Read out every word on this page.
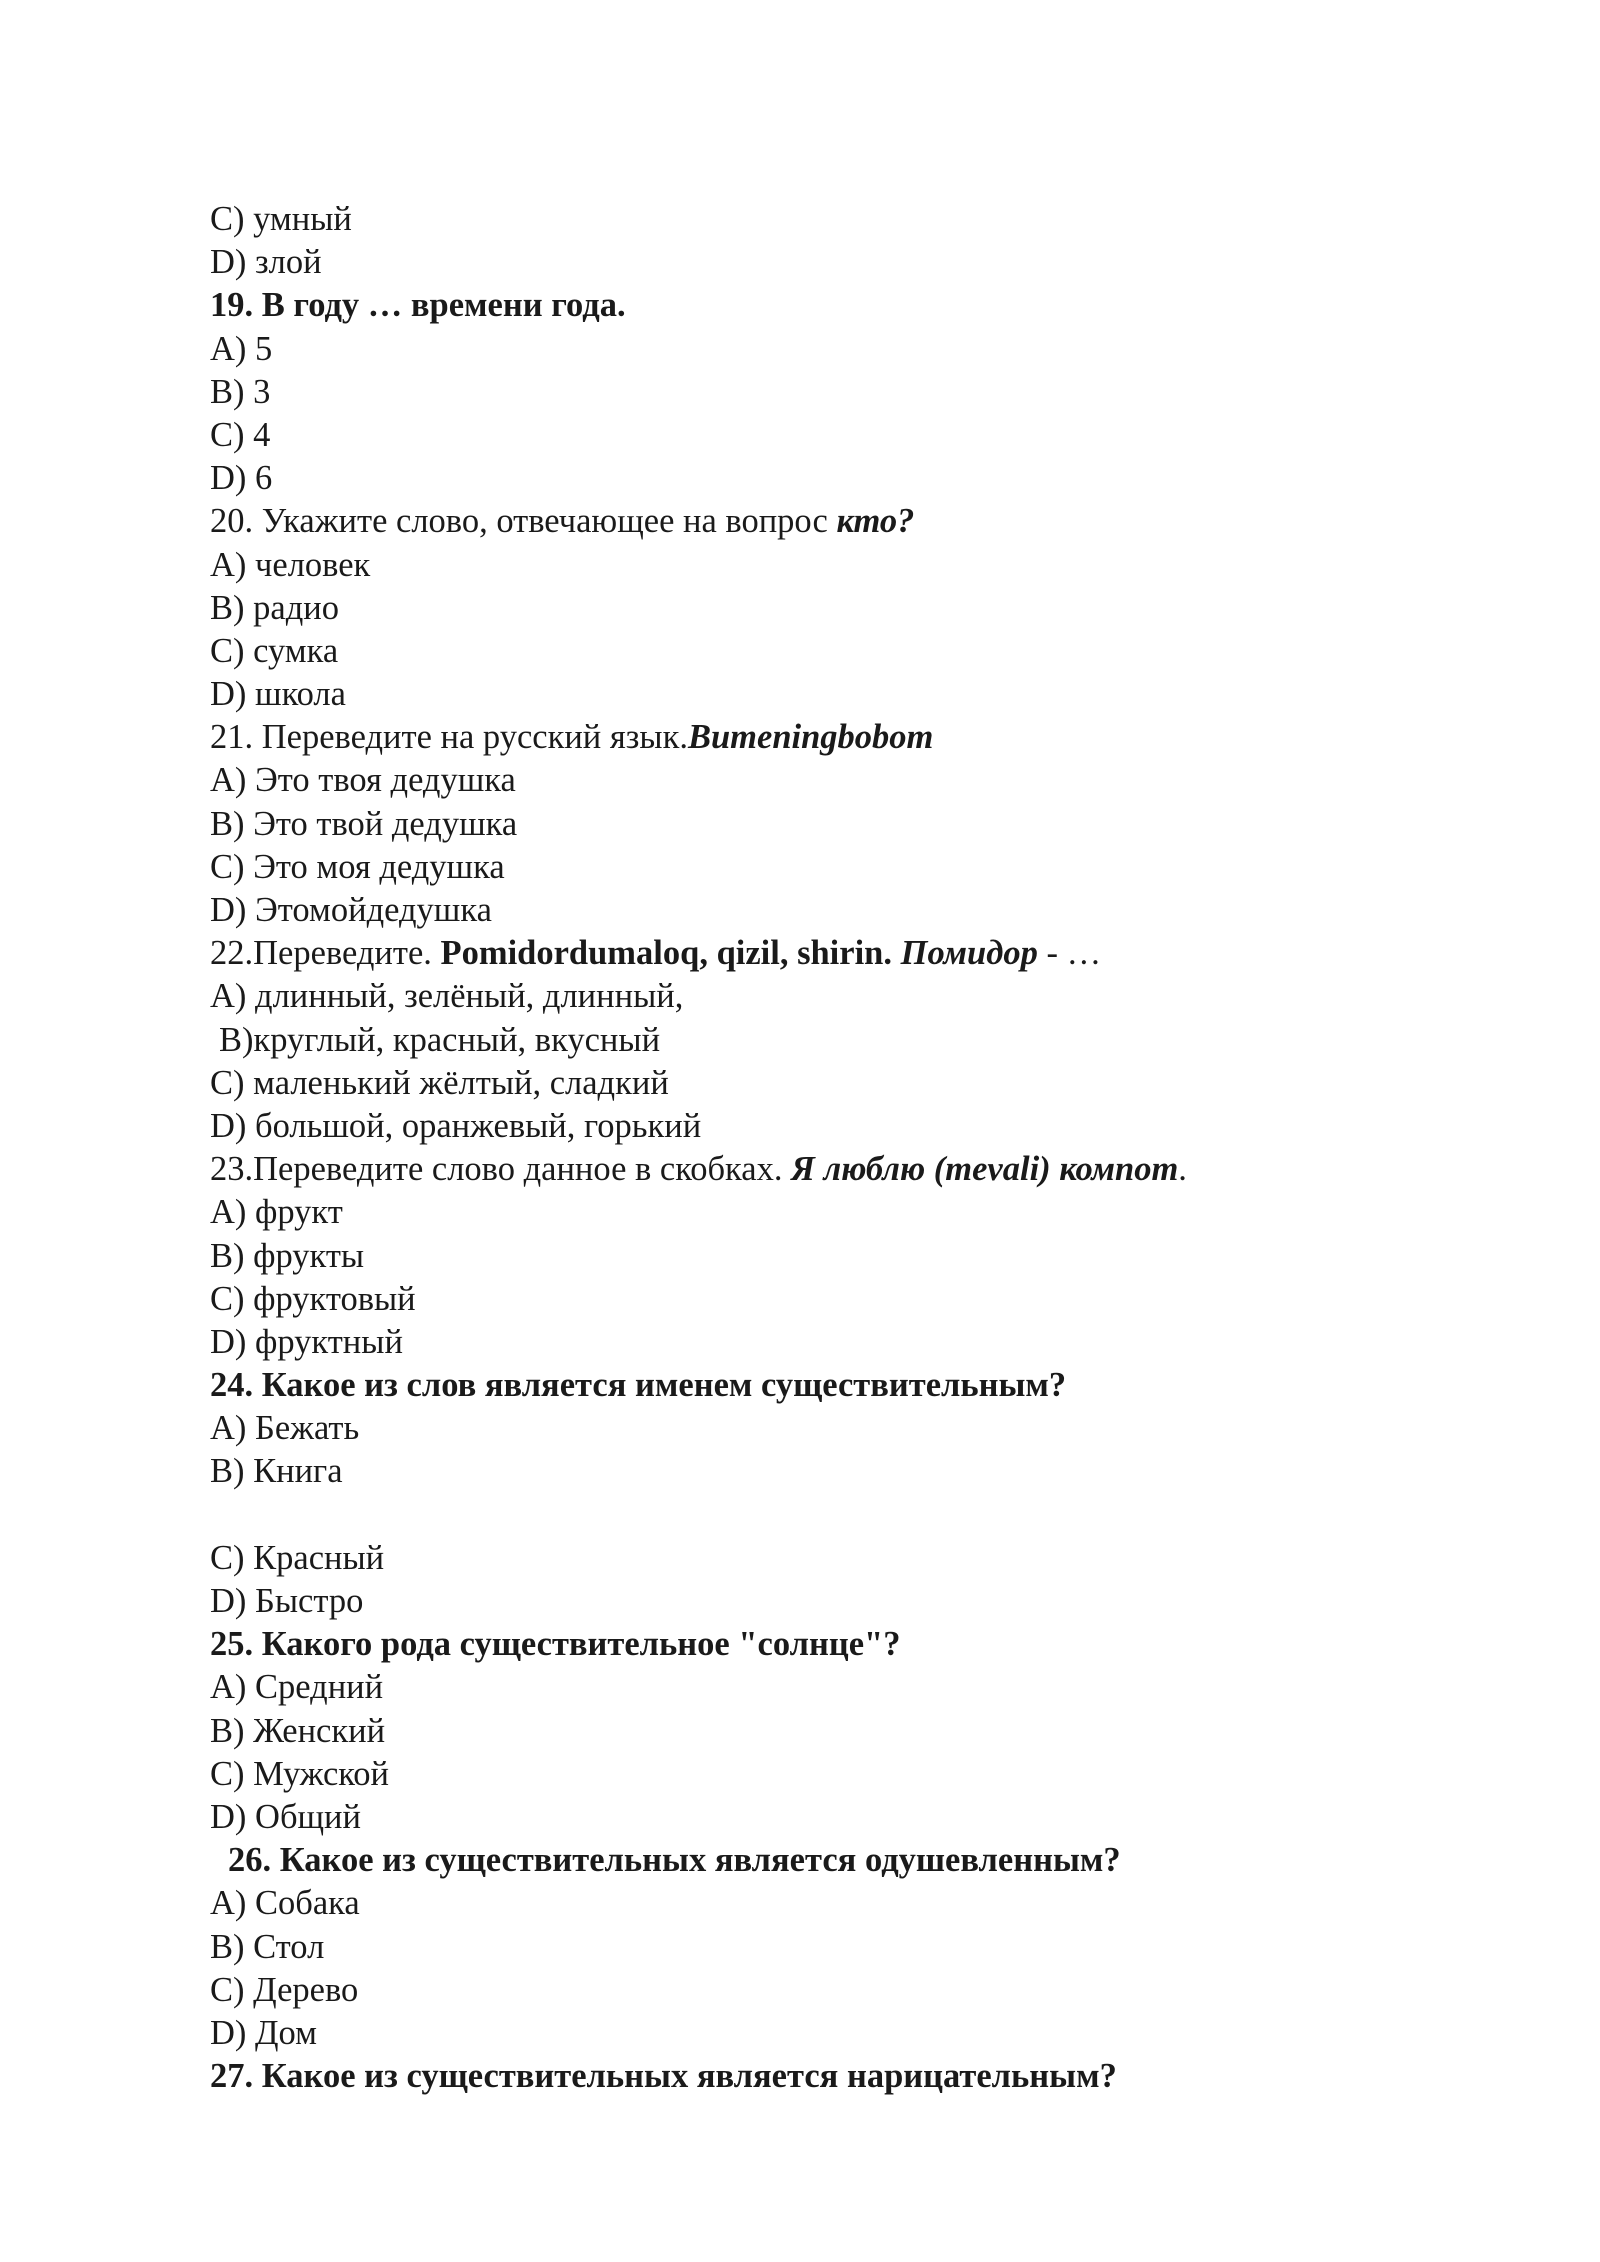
C) умный
D) злой
19. В году … времени года.
A) 5
B) 3
C) 4
D) 6
20. Укажите слово, отвечающее на вопрос кто?
A) человек
B) радио
C) сумка
D) школа
21. Переведите на русский язык.Bumeningbobom
A) Это твоя дедушка
B) Это твой дедушка
C) Это моя дедушка
D) Этомойдедушка
22.Переведите. Pomidordumaloq, qizil, shirin. Помидор - …
A) длинный, зелёный, длинный,
B)круглый, красный, вкусный
C) маленький жёлтый, сладкий
D) большой, оранжевый, горький
23.Переведите слово данное в скобках. Я люблю (mevali) компот.
A) фрукт
B) фрукты
C) фруктовый
D) фруктный
24. Какое из слов является именем существительным?
A) Бежать
B) Книга
C) Красный
D) Быстро
25. Какого рода существительное "солнце"?
A) Средний
B) Женский
C) Мужской
D) Общий
26. Какое из существительных является одушевленным?
A) Собака
B) Стол
C) Дерево
D) Дом
27. Какое из существительных является нарицательным?
